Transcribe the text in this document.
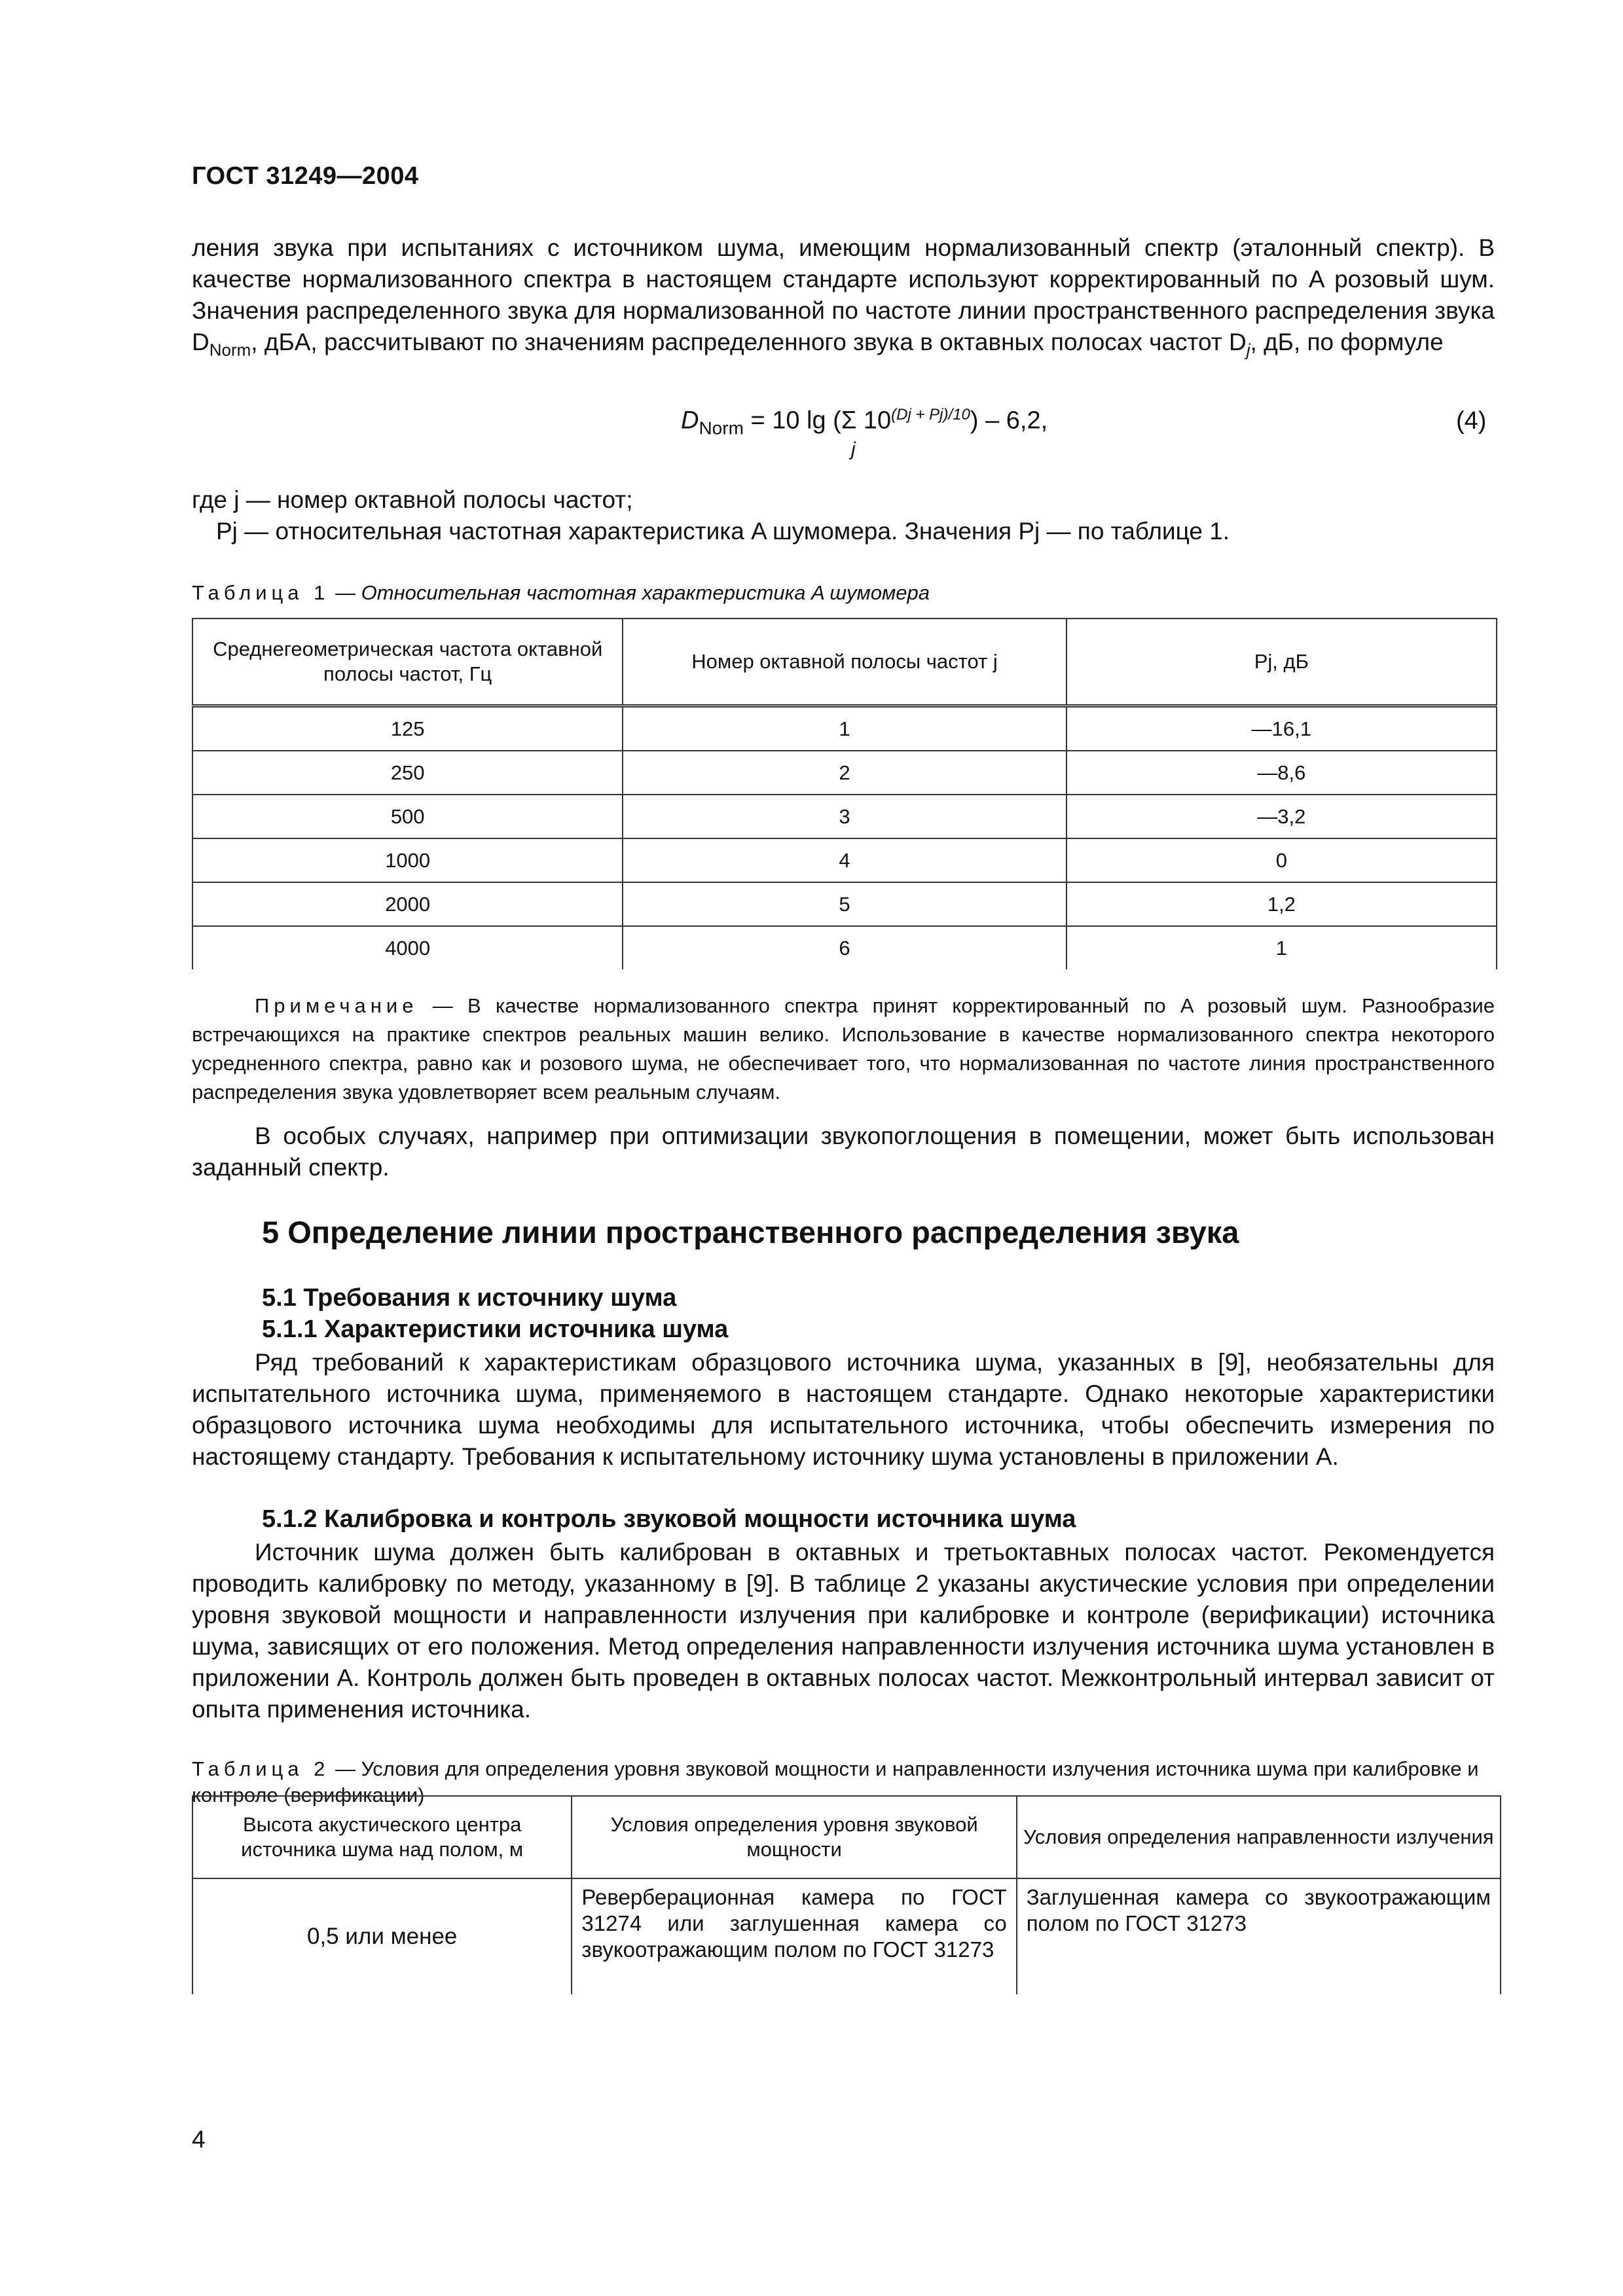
ГОСТ 31249—2004
ления звука при испытаниях с источником шума, имеющим нормализованный спектр (эталонный спектр). В качестве нормализованного спектра в настоящем стандарте используют корректированный по A розовый шум. Значения распределенного звука для нормализованной по частоте линии пространственного распределения звука $D_{Norm}$, дБA, рассчитывают по значениям распределенного звука в октавных полосах частот $D_j$, дБ, по формуле
$D_{Norm} = 10$ lg (Σ $10^{(Dj + Pj)/10}) - 6,2$,
j
(4)
где j — номер октавной полосы частот;
Pj — относительная частотная характеристика A шумомера. Значения Pj — по таблице 1.
Таблица 1 — Относительная частотная характеристика A шумомера
Среднегеометрическая частота октавной полосы частот, Гц	Номер октавной полосы частот j	Pj, дБ
125	1	—16,1
250	2	—8,6
500	3	—3,2
1000	4	0
2000	5	1,2
4000	6	1
Примечание — В качестве нормализованного спектра принят корректированный по A розовый шум. Разнообразие встречающихся на практике спектров реальных машин велико. Использование в качестве нормализованного спектра некоторого усредненного спектра, равно как и розового шума, не обеспечивает того, что нормализованная по частоте линия пространственного распределения звука удовлетворяет всем реальным случаям.
В особых случаях, например при оптимизации звукопоглощения в помещении, может быть использован заданный спектр.
5 Определение линии пространственного распределения звука
5.1 Требования к источнику шума
5.1.1 Характеристики источника шума
Ряд требований к характеристикам образцового источника шума, указанных в [9], необязательны для испытательного источника шума, применяемого в настоящем стандарте. Однако некоторые характеристики образцового источника шума необходимы для испытательного источника, чтобы обеспечить измерения по настоящему стандарту. Требования к испытательному источнику шума установлены в приложении А.
5.1.2 Калибровка и контроль звуковой мощности источника шума
Источник шума должен быть калиброван в октавных и третьоктавных полосах частот. Рекомендуется проводить калибровку по методу, указанному в [9]. В таблице 2 указаны акустические условия при определении уровня звуковой мощности и направленности излучения при калибровке и контроле (верификации) источника шума, зависящих от его положения. Метод определения направленности излучения источника шума установлен в приложении А. Контроль должен быть проведен в октавных полосах частот. Межконтрольный интервал зависит от опыта применения источника.
Таблица 2 — Условия для определения уровня звуковой мощности и направленности излучения источника шума при калибровке и контроле (верификации)
Высота акустического центра источника шума над полом, м	Условия определения уровня звуковой мощности	Условия определения направленности излучения
0,5 или менее	Реверберационная камера по ГОСТ 31274 или заглушенная камера со звукоотражающим полом по ГОСТ 31273	Заглушенная камера со звукоотражающим полом по ГОСТ 31273
4
